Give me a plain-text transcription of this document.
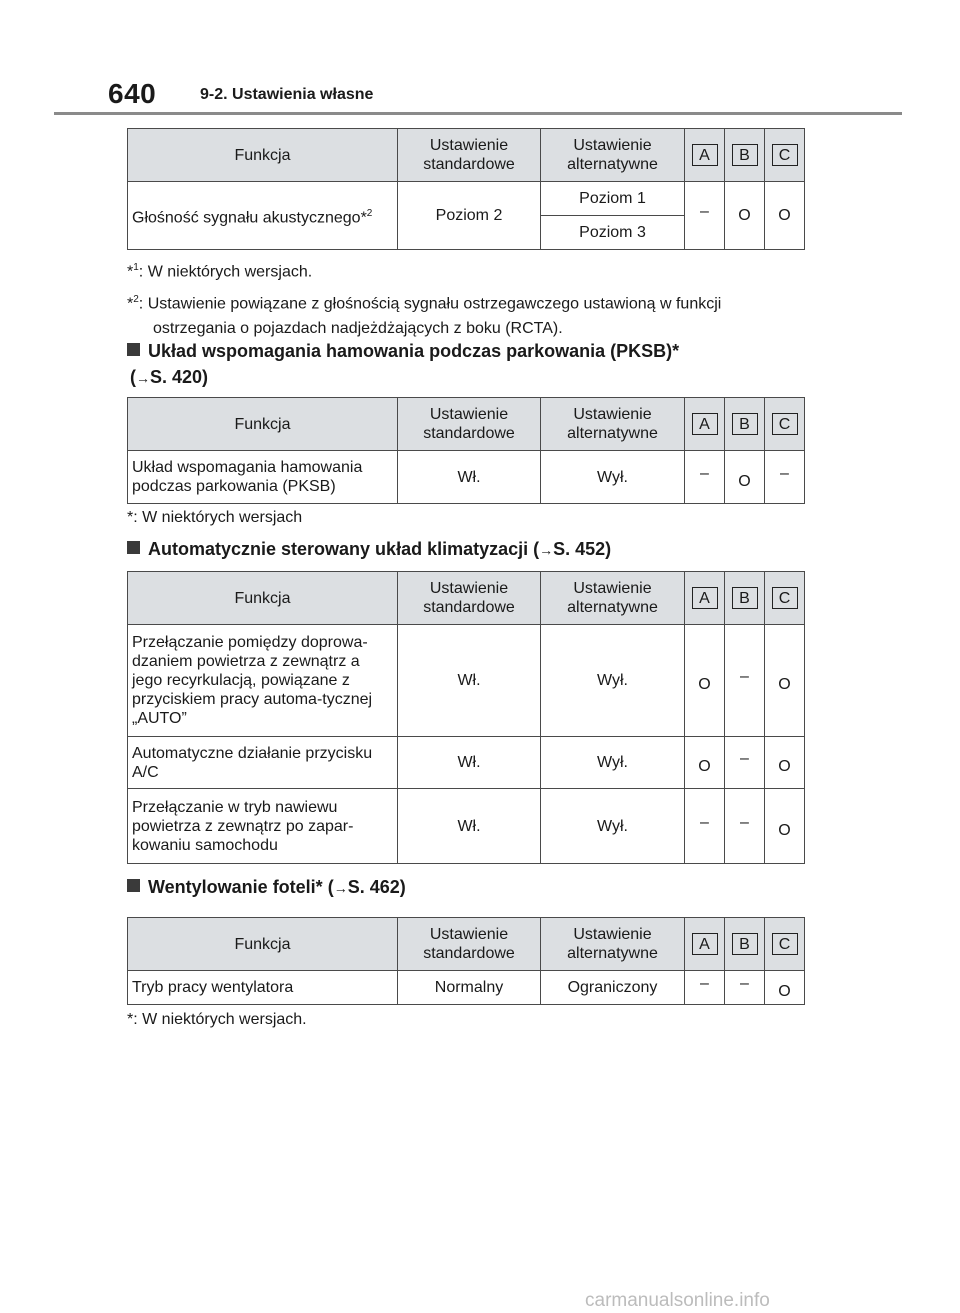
640	9-2. Ustawienia własne
Funkcja	Ustawienie standardowe	Ustawienie alternatywne	A	B	C
Głośność sygnału akustycznego*$^2$	Poziom 2	Poziom 1	–	O	O
		Poziom 3			
*$^1$: W niektórych wersjach.
*$^2$: Ustawienie powiązane z głośnością sygnału ostrzegawczego ustawioną w funkcji
ostrzegania o pojazdach nadjeżdżających z boku (RCTA).
Układ wspomagania hamowania podczas parkowania (PKSB)*
(→S. 420)
Funkcja	Ustawienie standardowe	Ustawienie alternatywne	A	B	C
Układ wspomagania hamowania podczas parkowania (PKSB)	Wł.	Wył.	–	O	–
*: W niektórych wersjach
Automatycznie sterowany układ klimatyzacji (→S. 452)
Funkcja	Ustawienie standardowe	Ustawienie alternatywne	A	B	C
Przełączanie pomiędzy doprowa-dzaniem powietrza z zewnątrz a jego recyrkulacją, powiązane z przyciskiem pracy automa-tycznej „AUTO”	Wł.	Wył.	O	–	O
Automatyczne działanie przycisku A/C	Wł.	Wył.	O	–	O
Przełączanie w tryb nawiewu powietrza z zewnątrz po zapar-kowaniu samochodu	Wł.	Wył.	–	–	O
Wentylowanie foteli* (→S. 462)
Funkcja	Ustawienie standardowe	Ustawienie alternatywne	A	B	C
Tryb pracy wentylatora	Normalny	Ograniczony	–	–	O
*: W niektórych wersjach.
carmanualsonline.info
